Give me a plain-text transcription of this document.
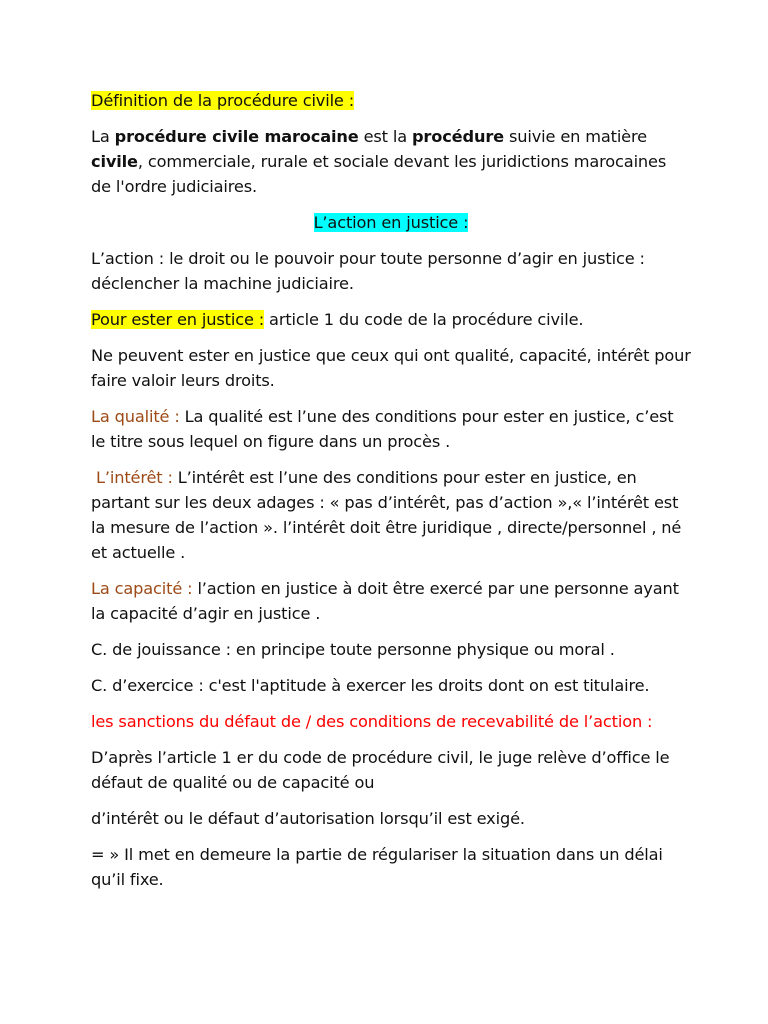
Définition de la procédure civile :

La procédure civile marocaine est la procédure suivie en matière civile, commerciale, rurale et sociale devant les juridictions marocaines de l'ordre judiciaires.

L’action en justice :

L’action : le droit ou le pouvoir pour toute personne d’agir en justice : déclencher la machine judiciaire.

Pour ester en justice : article 1 du code de la procédure civile.

Ne peuvent ester en justice que ceux qui ont qualité, capacité, intérêt pour faire valoir leurs droits.

La qualité : La qualité est l’une des conditions pour ester en justice, c’est le titre sous lequel on figure dans un procès .

L’intérêt : L’intérêt est l’une des conditions pour ester en justice, en partant sur les deux adages : « pas d’intérêt, pas d’action »,« l’intérêt est la mesure de l’action ». l’intérêt doit être juridique , directe/personnel , né et actuelle .

La capacité : l’action en justice à doit être exercé par une personne ayant la capacité d’agir en justice .

C. de jouissance : en principe toute personne physique ou moral .

C. d’exercice : c'est l'aptitude à exercer les droits dont on est titulaire.

les sanctions du défaut de / des conditions de recevabilité de l’action :

D’après l’article 1 er du code de procédure civil, le juge relève d’office le défaut de qualité ou de capacité ou

d’intérêt ou le défaut d’autorisation lorsqu’il est exigé.

= » Il met en demeure la partie de régulariser la situation dans un délai qu’il fixe.
